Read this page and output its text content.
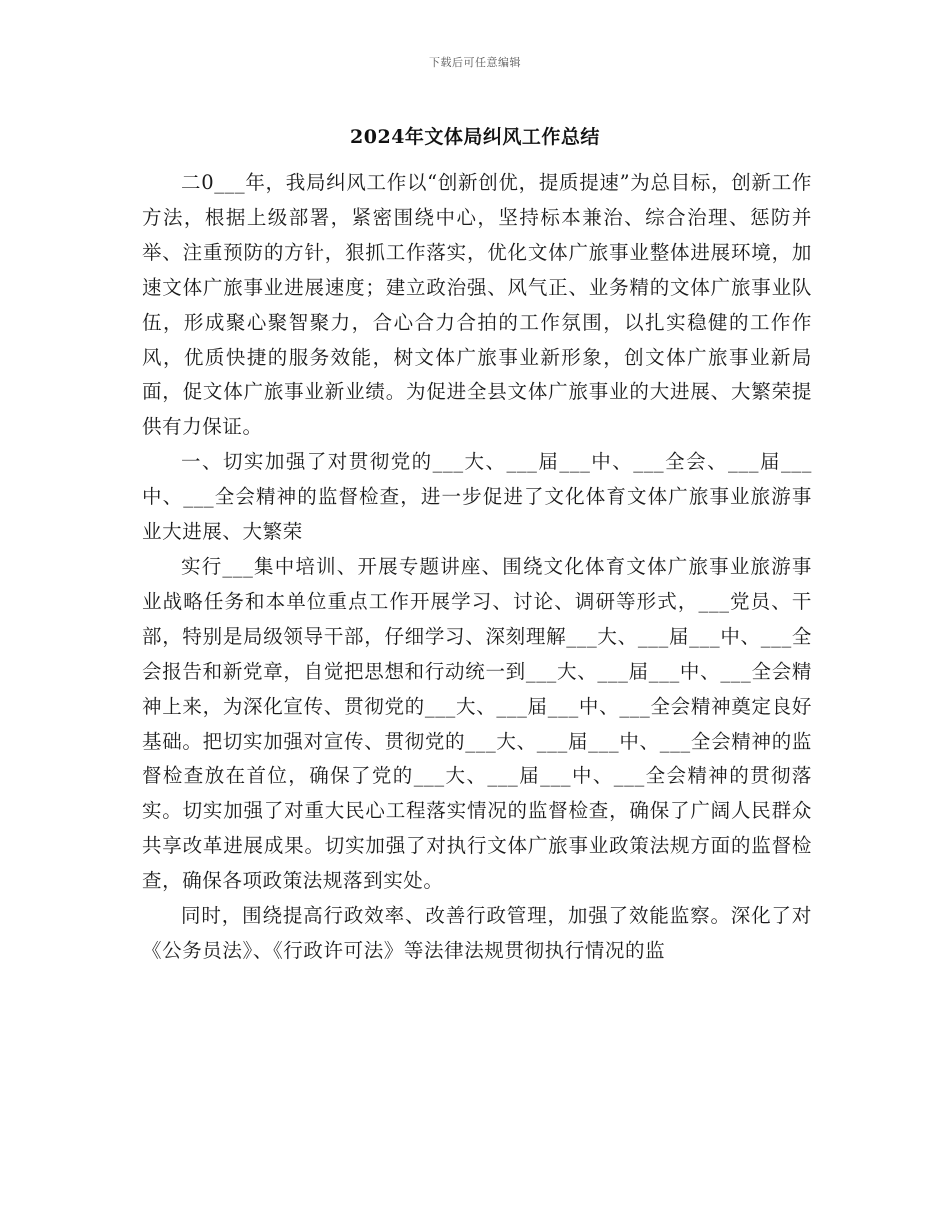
下载后可任意编辑
2024年文体局纠风工作总结

二0___年，我局纠风工作以“创新创优，提质提速”为总目标，创新工作方法，根据上级部署，紧密围绕中心，坚持标本兼治、综合治理、惩防并举、注重预防的方针，狠抓工作落实，优化文体广旅事业整体进展环境，加速文体广旅事业进展速度；建立政治强、风气正、业务精的文体广旅事业队伍，形成聚心聚智聚力，合心合力合拍的工作氛围，以扎实稳健的工作作风，优质快捷的服务效能，树文体广旅事业新形象，创文体广旅事业新局面，促文体广旅事业新业绩。为促进全县文体广旅事业的大进展、大繁荣提供有力保证。

一、切实加强了对贯彻党的___大、___届___中、___全会、___届___中、___全会精神的监督检查，进一步促进了文化体育文体广旅事业旅游事业大进展、大繁荣

实行___集中培训、开展专题讲座、围绕文化体育文体广旅事业旅游事业战略任务和本单位重点工作开展学习、讨论、调研等形式，___党员、干部，特别是局级领导干部，仔细学习、深刻理解___大、___届___中、___全会报告和新党章，自觉把思想和行动统一到___大、___届___中、___全会精神上来，为深化宣传、贯彻党的___大、___届___中、___全会精神奠定良好基础。把切实加强对宣传、贯彻党的___大、___届___中、___全会精神的监督检查放在首位，确保了党的___大、___届___中、___全会精神的贯彻落实。切实加强了对重大民心工程落实情况的监督检查，确保了广阔人民群众共享改革进展成果。切实加强了对执行文体广旅事业政策法规方面的监督检查，确保各项政策法规落到实处。

同时，围绕提高行政效率、改善行政管理，加强了效能监察。深化了对《公务员法》、《行政许可法》等法律法规贯彻执行情况的监
